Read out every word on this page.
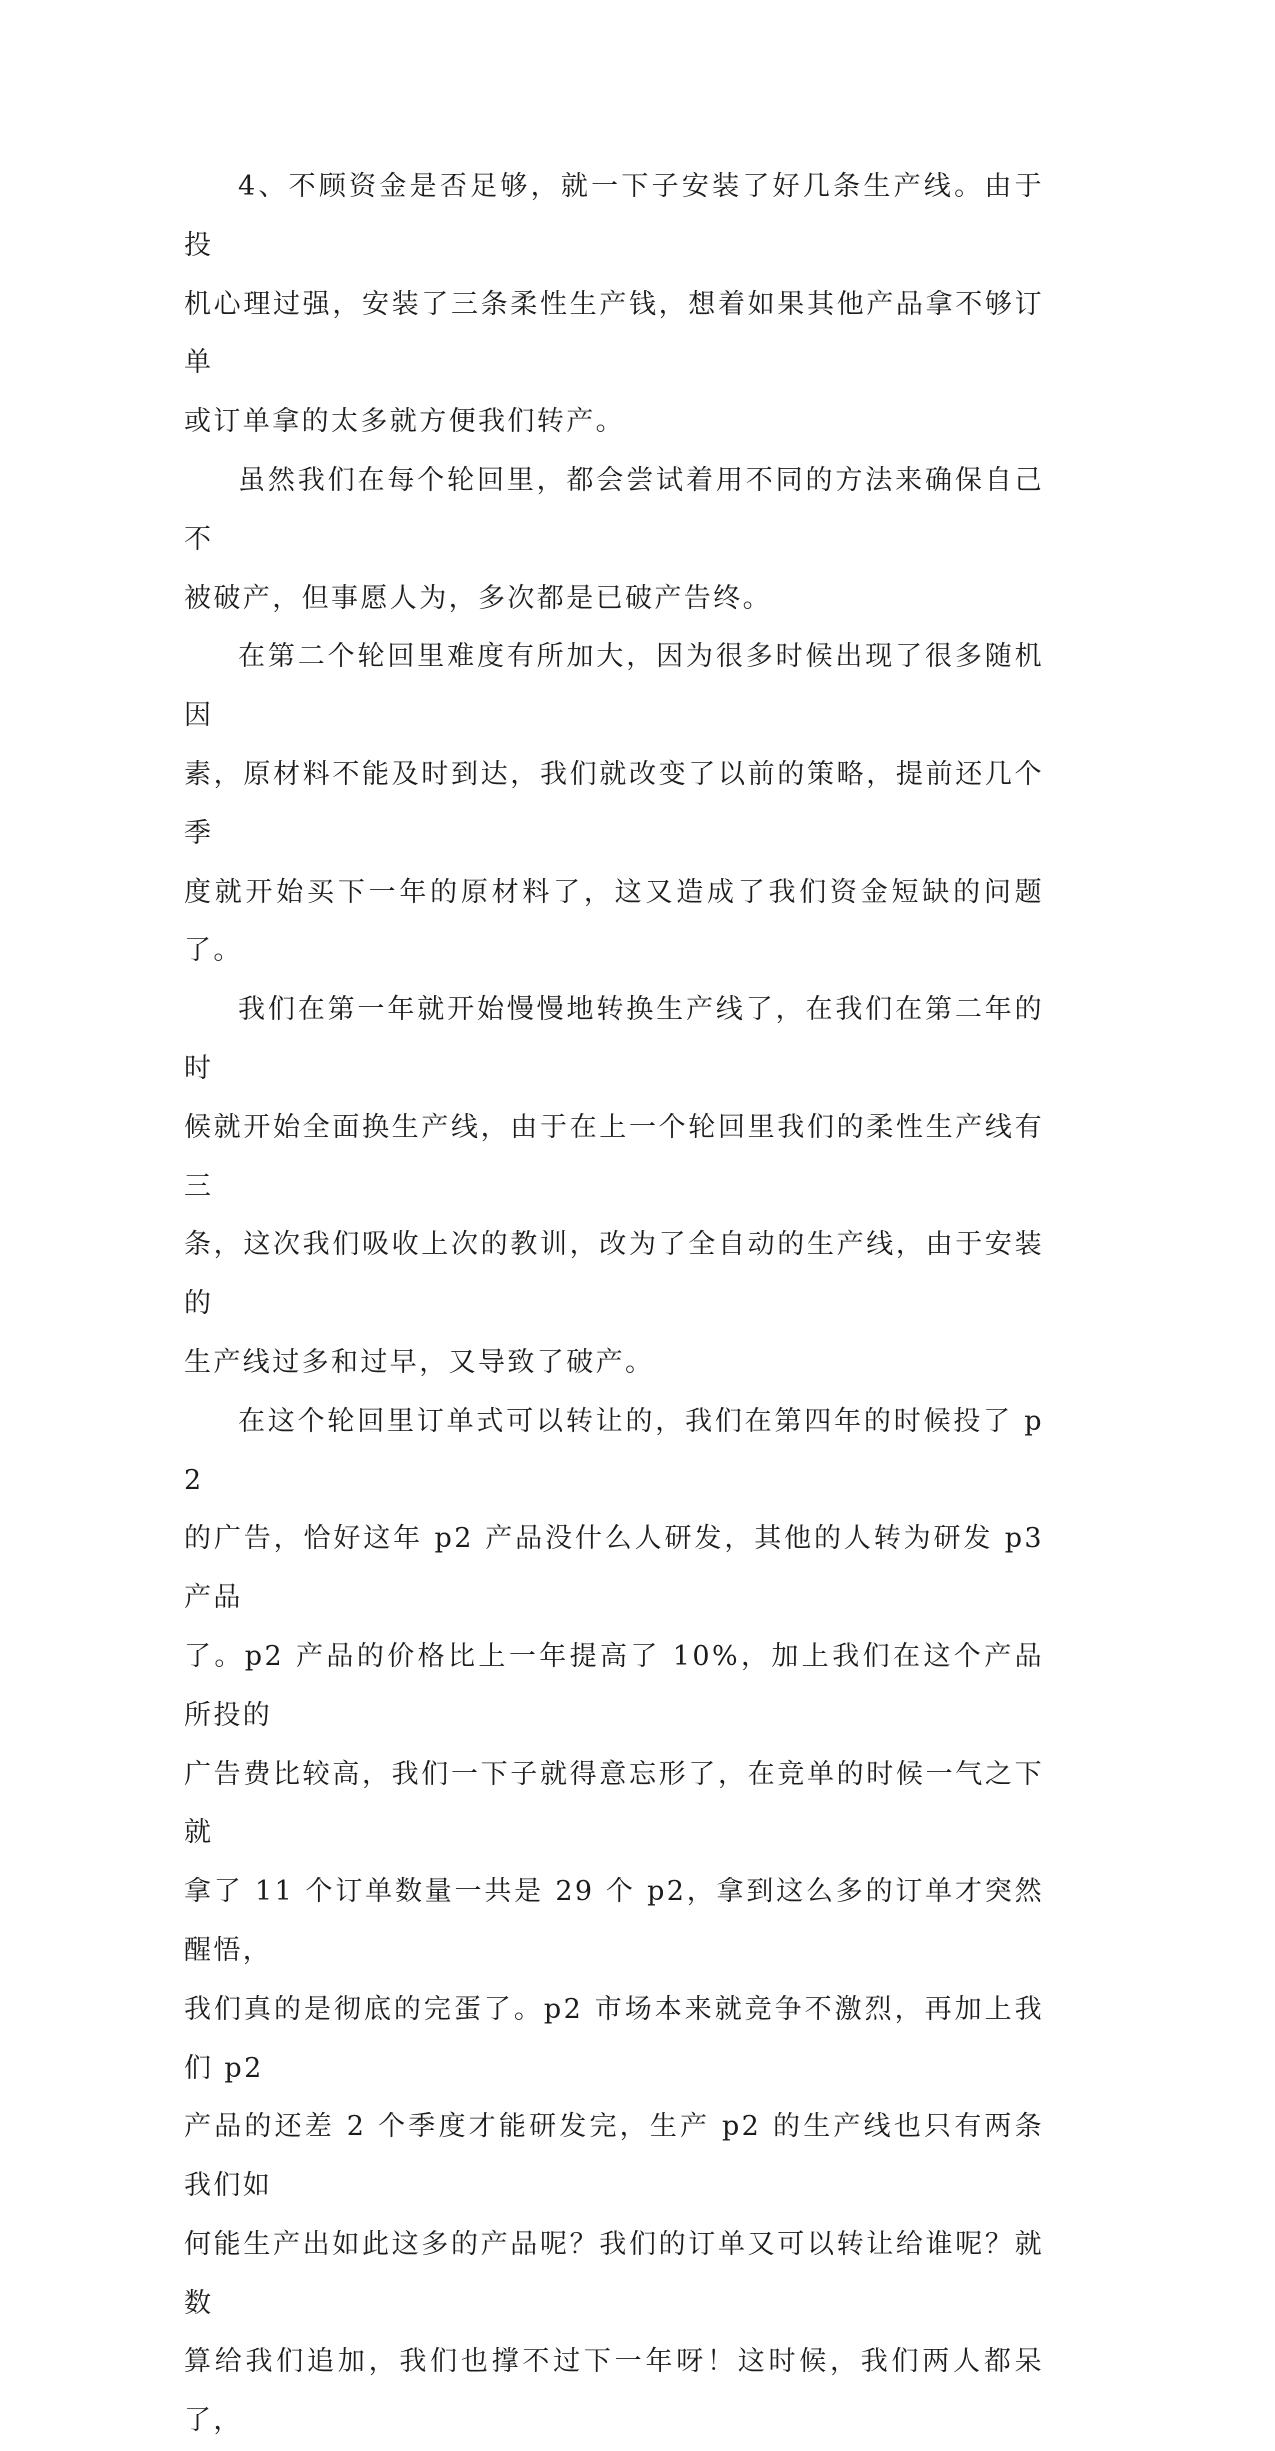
4、不顾资金是否足够，就一下子安装了好几条生产线。由于投
机心理过强，安装了三条柔性生产钱，想着如果其他产品拿不够订单
或订单拿的太多就方便我们转产。

虽然我们在每个轮回里，都会尝试着用不同的方法来确保自己不
被破产，但事愿人为，多次都是已破产告终。

在第二个轮回里难度有所加大，因为很多时候出现了很多随机因
素，原材料不能及时到达，我们就改变了以前的策略，提前还几个季
度就开始买下一年的原材料了，这又造成了我们资金短缺的问题了。

我们在第一年就开始慢慢地转换生产线了，在我们在第二年的时
候就开始全面换生产线，由于在上一个轮回里我们的柔性生产线有三
条，这次我们吸收上次的教训，改为了全自动的生产线，由于安装的
生产线过多和过早，又导致了破产。

在这个轮回里订单式可以转让的，我们在第四年的时候投了 p2
的广告，恰好这年 p2 产品没什么人研发，其他的人转为研发 p3 产品
了。p2 产品的价格比上一年提高了 10%，加上我们在这个产品所投的
广告费比较高，我们一下子就得意忘形了，在竞单的时候一气之下就
拿了 11 个订单数量一共是 29 个 p2，拿到这么多的订单才突然醒悟，
我们真的是彻底的完蛋了。p2 市场本来就竞争不激烈，再加上我们 p2
产品的还差 2 个季度才能研发完，生产 p2 的生产线也只有两条我们如
何能生产出如此这多的产品呢？我们的订单又可以转让给谁呢？就数
算给我们追加，我们也撑不过下一年呀！这时候，我们两人都呆了，
